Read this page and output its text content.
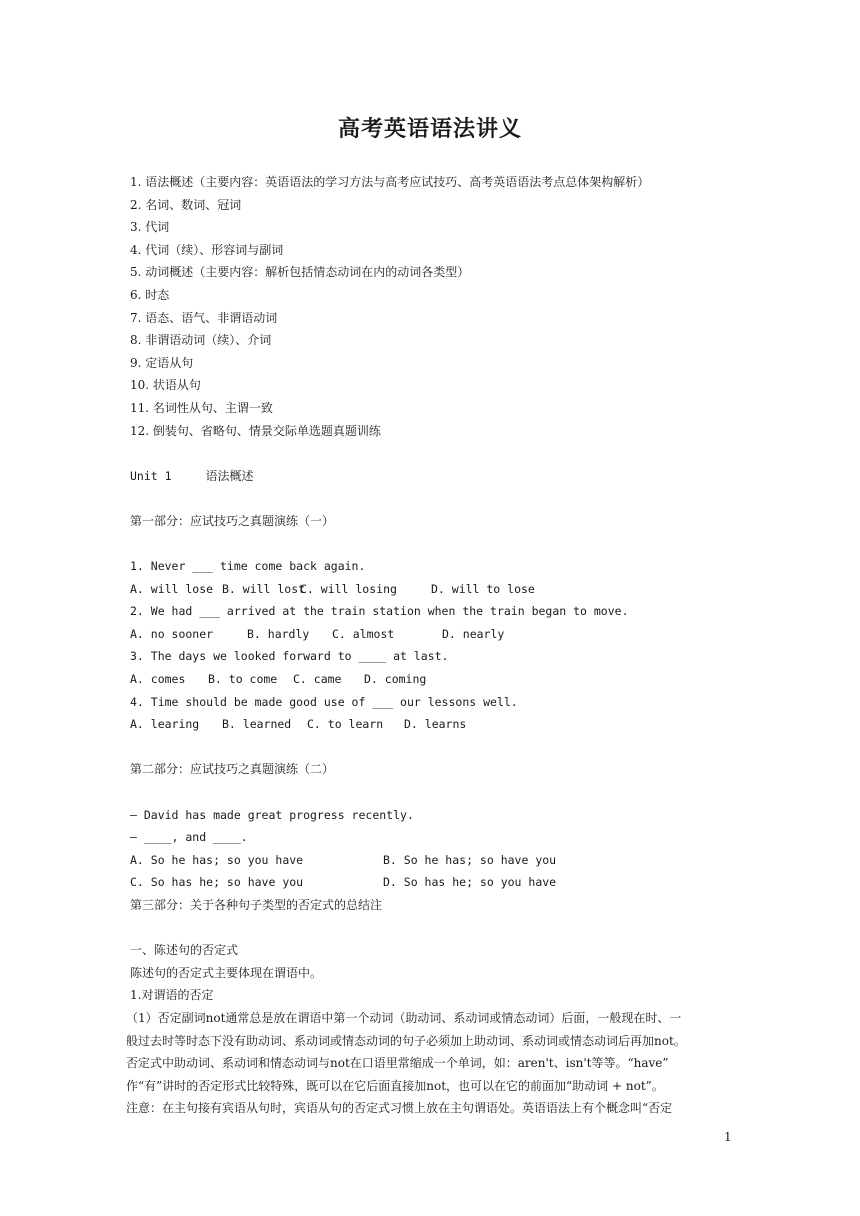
高考英语语法讲义
1. 语法概述（主要内容：英语语法的学习方法与高考应试技巧、高考英语语法考点总体架构解析）
2. 名词、数词、冠词
3. 代词
4. 代词（续）、形容词与副词
5. 动词概述（主要内容：解析包括情态动词在内的动词各类型）
6. 时态
7. 语态、语气、非谓语动词
8. 非谓语动词（续）、介词
9. 定语从句
10. 状语从句
11. 名词性从句、主谓一致
12. 倒装句、省略句、情景交际单选题真题训练
Unit 1	语法概述
第一部分：应试技巧之真题演练（一）
1. Never ___ time come back again.
A. will lose B. will lostC. will losing	D. will to lose
2. We had ___ arrived at the train station when the train began to move.
A. no sooner	B. hardly C. almost	D. nearly
3. The days we looked forward to ____ at last.
A. comes B. to come C. came D. coming
4. Time should be made good use of ___ our lessons well.
A. learing B. learned C. to learn D. learns
第二部分：应试技巧之真题演练（二）
— David has made great progress recently.
— ____, and ____.
A. So he has; so you have	B. So he has; so have you
C. So has he; so have you	D. So has he; so you have
第三部分：关于各种句子类型的否定式的总结注
一、陈述句的否定式
陈述句的否定式主要体现在谓语中。
1.对谓语的否定
（1）否定副词not通常总是放在谓语中第一个动词（助动词、系动词或情态动词）后面，一般现在时、一
般过去时等时态下没有助动词、系动词或情态动词的句子必须加上助动词、系动词或情态动词后再加not。
否定式中助动词、系动词和情态动词与not在口语里常缩成一个单词，如：aren't、isn't等等。“have”
作“有”讲时的否定形式比较特殊，既可以在它后面直接加not，也可以在它的前面加“助动词 + not”。
注意：在主句接有宾语从句时，宾语从句的否定式习惯上放在主句谓语处。英语语法上有个概念叫“否定
1
